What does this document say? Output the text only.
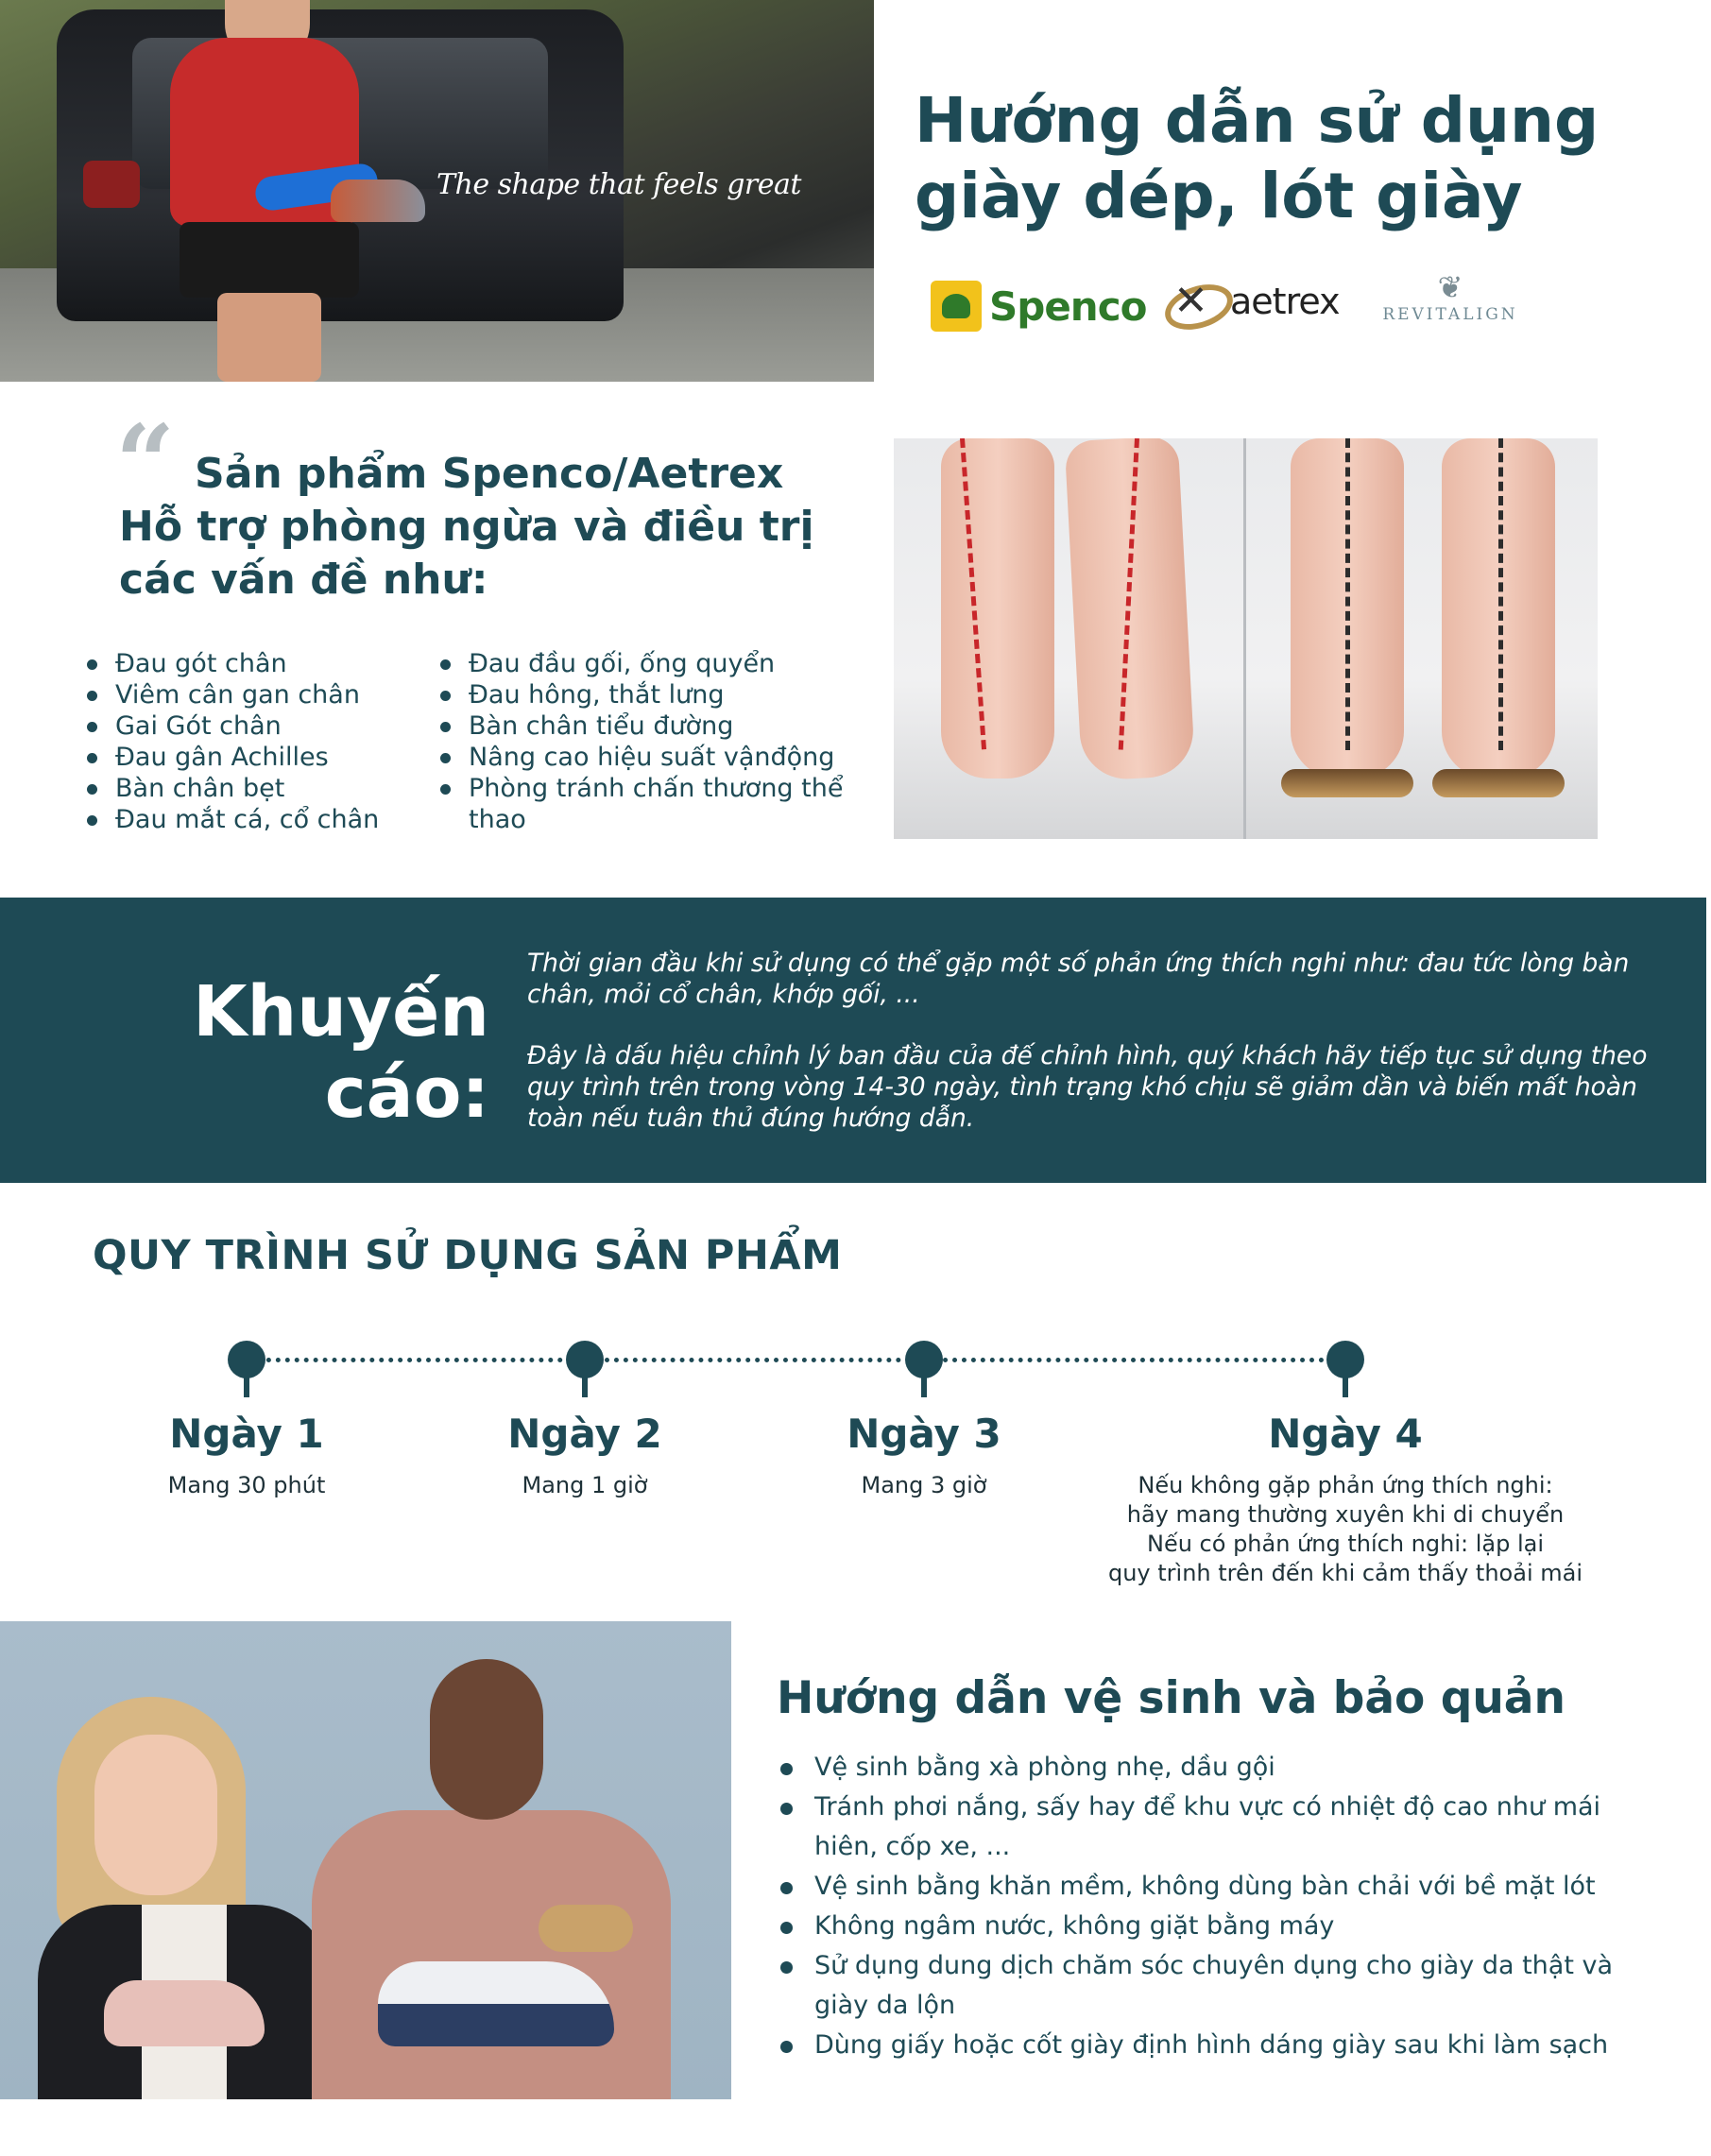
The shape that feels great
Hướng dẫn sử dụng
giày dép, lót giày
Spenco
✕ aetrex	❦
REVITALIGN
“ Sản phẩm Spenco/Aetrex
Hỗ trợ phòng ngừa và điều trị
các vấn đề như:
Đau gót chân
Viêm cân gan chân
Gai Gót chân
Đau gân Achilles
Bàn chân bẹt
Đau mắt cá, cổ chân
Đau đầu gối, ống quyển
Đau hông, thắt lưng
Bàn chân tiểu đường
Nâng cao hiệu suất vậnđộng
Phòng tránh chấn thương thể thao
Khuyến
cáo:

Thời gian đầu khi sử dụng có thể gặp một số phản ứng thích nghi như: đau tức lòng bàn chân, mỏi cổ chân, khớp gối, ...

Đây là dấu hiệu chỉnh lý ban đầu của đế chỉnh hình, quý khách hãy tiếp tục sử dụng theo quy trình trên trong vòng 14-30 ngày, tình trạng khó chịu sẽ giảm dần và biến mất hoàn toàn nếu tuân thủ đúng hướng dẫn.

QUY TRÌNH SỬ DỤNG SẢN PHẨM
Ngày 1
Mang 30 phút
Ngày 2
Mang 1 giờ
Ngày 3
Mang 3 giờ
Ngày 4
Nếu không gặp phản ứng thích nghi:
hãy mang thường xuyên khi di chuyển
Nếu có phản ứng thích nghi: lặp lại
quy trình trên đến khi cảm thấy thoải mái
Hướng dẫn vệ sinh và bảo quản
Vệ sinh bằng xà phòng nhẹ, dầu gội
Tránh phơi nắng, sấy hay để khu vực có nhiệt độ cao như mái hiên, cốp xe, ...
Vệ sinh bằng khăn mềm, không dùng bàn chải với bề mặt lót
Không ngâm nước, không giặt bằng máy
Sử dụng dung dịch chăm sóc chuyên dụng cho giày da thật và giày da lộn
Dùng giấy hoặc cốt giày định hình dáng giày sau khi làm sạch
